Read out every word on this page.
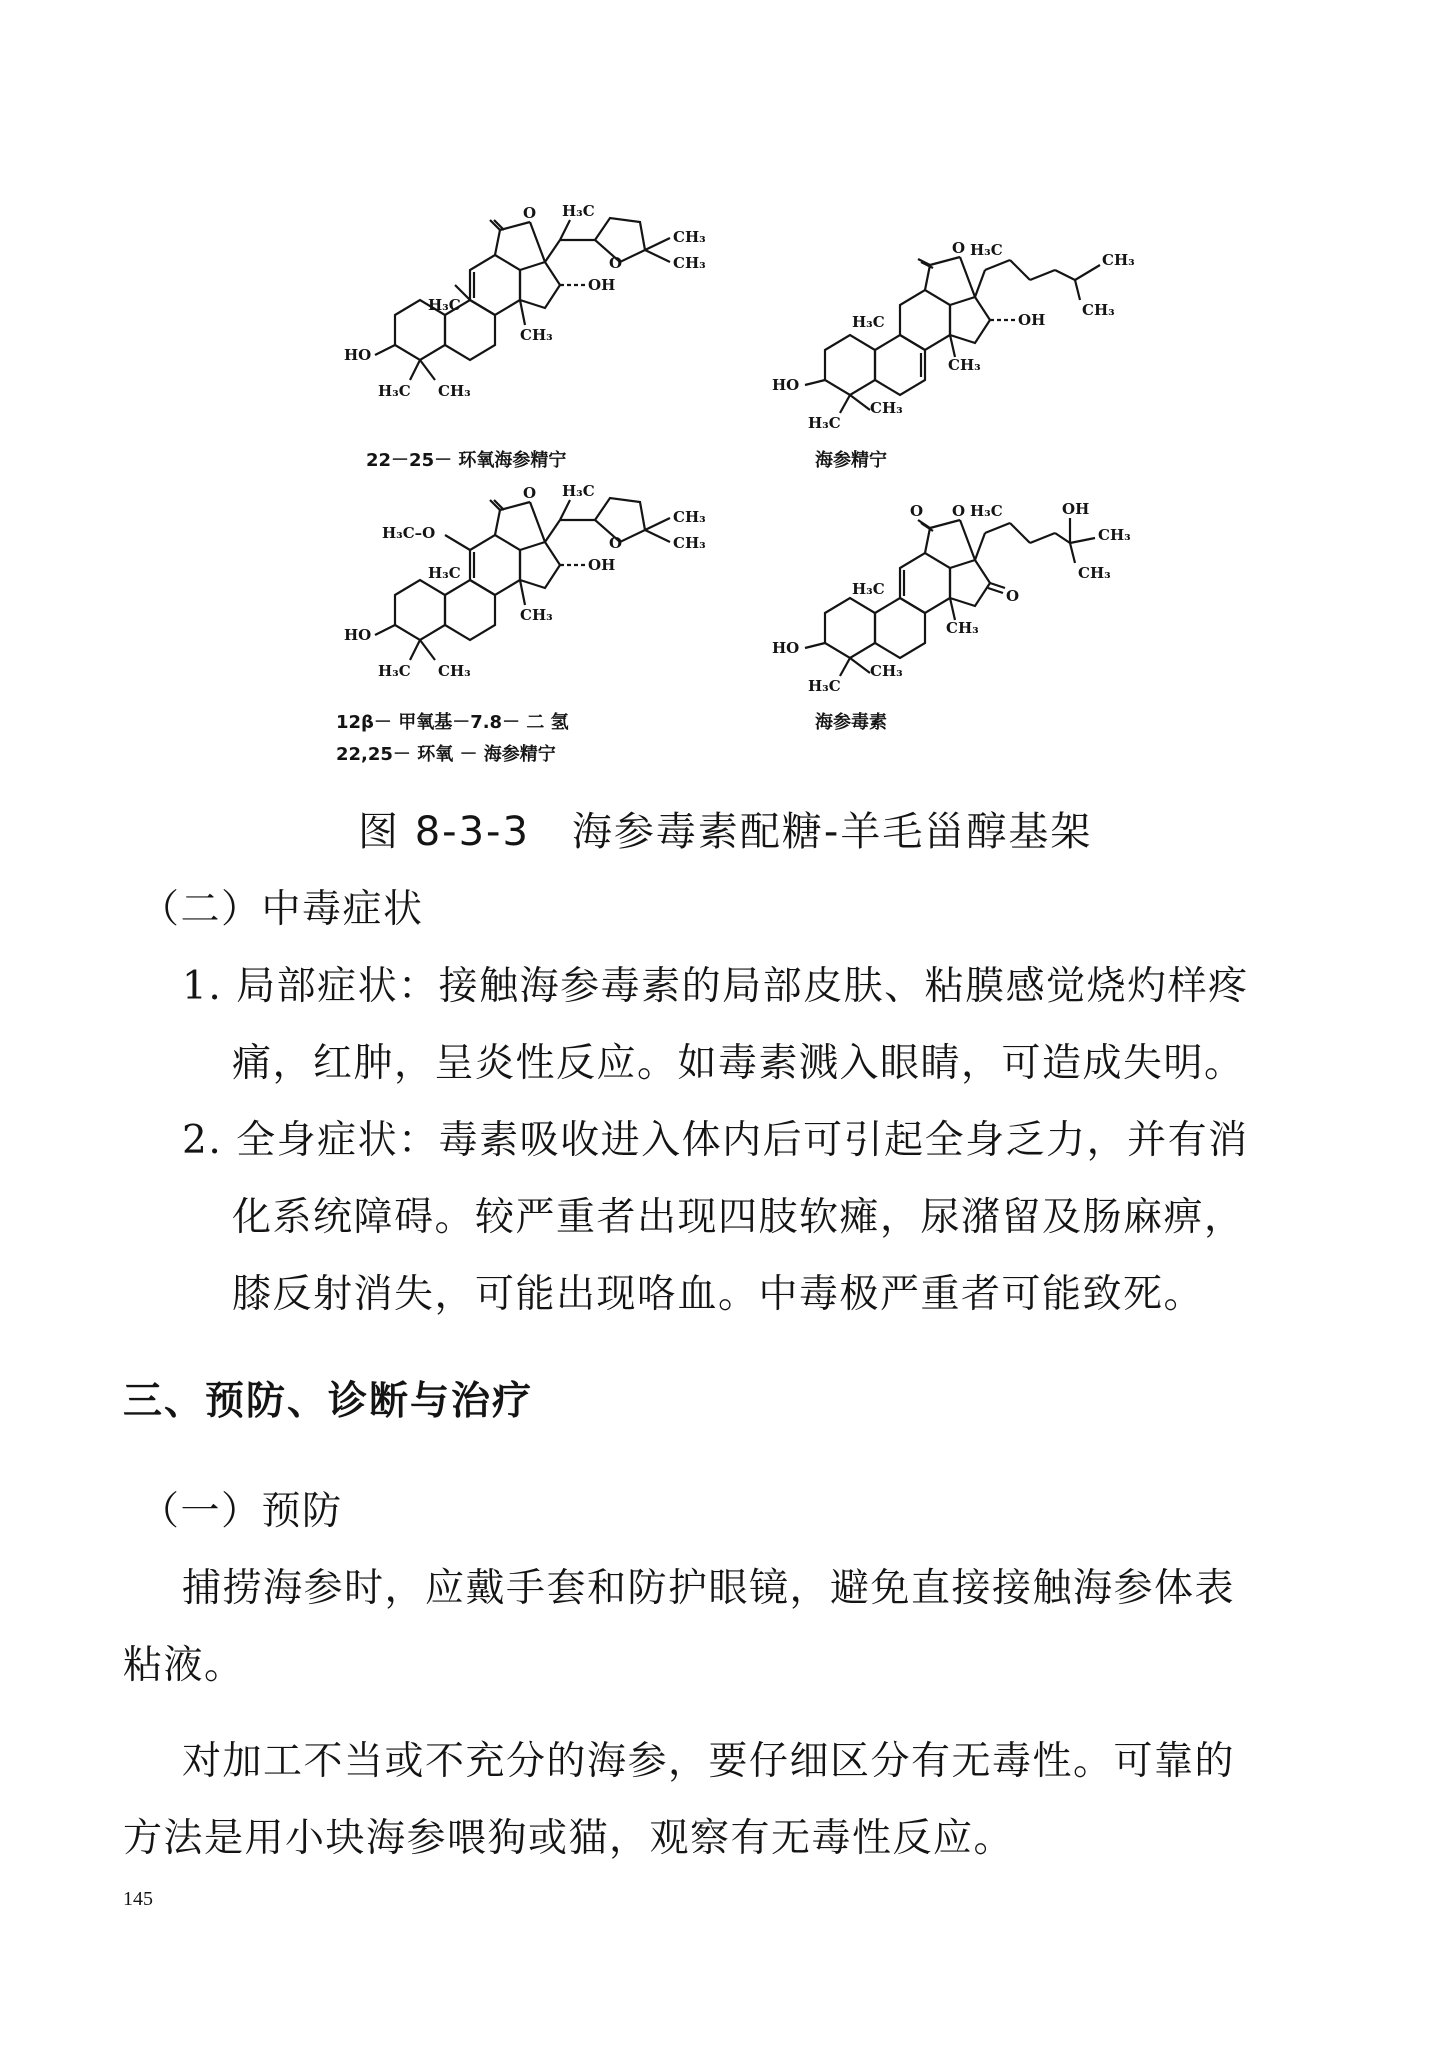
H₃C
O
O
CH₃
CH₃
OH
H₃C
CH₃
HO
H₃C CH₃
22－25－ 环氧海参精宁
H₃C
O
CH₃
CH₃
OH
H₃C
CH₃
HO
H₃C
CH₃
海参精宁
H₃C
O
H₃C–O
O
CH₃
CH₃
OH
H₃C
CH₃
HO
H₃C CH₃
12β－ 甲氧基－7.8－ 二 氢
22,25－ 环氧 － 海参精宁
H₃C
O
O	OH
CH₃
CH₃
O
H₃C
CH₃
HO
H₃C
CH₃
海参毒素
图 8-3-3　海参毒素配糖-羊毛甾醇基架
（二）中毒症状
1. 局部症状：接触海参毒素的局部皮肤、粘膜感觉烧灼样疼
痛，红肿，呈炎性反应。如毒素溅入眼睛，可造成失明。
2. 全身症状：毒素吸收进入体内后可引起全身乏力，并有消
化系统障碍。较严重者出现四肢软瘫，尿潴留及肠麻痹，
膝反射消失，可能出现咯血。中毒极严重者可能致死。
三、预防、诊断与治疗
（一）预防
捕捞海参时，应戴手套和防护眼镜，避免直接接触海参体表
粘液。
对加工不当或不充分的海参，要仔细区分有无毒性。可靠的
方法是用小块海参喂狗或猫，观察有无毒性反应。
145
